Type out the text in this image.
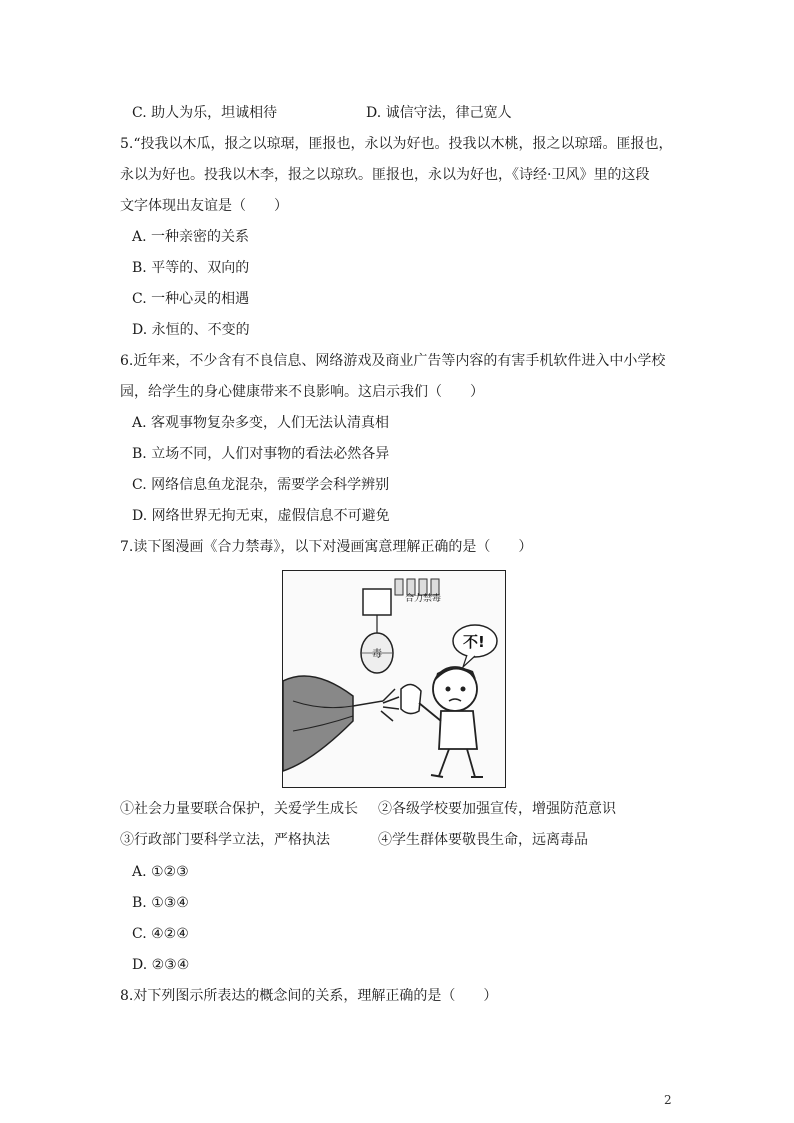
C. 助人为乐，坦诚相待	D. 诚信守法，律己宽人
5.“投我以木瓜，报之以琼琚，匪报也，永以为好也。投我以木桃，报之以琼瑶。匪报也，
永以为好也。投我以木李，报之以琼玖。匪报也，永以为好也，《诗经·卫风》里的这段
文字体现出友谊是（　　）
A. 一种亲密的关系
B. 平等的、双向的
C. 一种心灵的相遇
D. 永恒的、不变的
6.近年来，不少含有不良信息、网络游戏及商业广告等内容的有害手机软件进入中小学校
园，给学生的身心健康带来不良影响。这启示我们（　　）
A. 客观事物复杂多变，人们无法认清真相
B. 立场不同，人们对事物的看法必然各异
C. 网络信息鱼龙混杂，需要学会科学辨别
D. 网络世界无拘无束，虚假信息不可避免
7.读下图漫画《合力禁毒》，以下对漫画寓意理解正确的是（　　）
合力禁毒
毒
不!
①社会力量要联合保护，关爱学生成长 ②各级学校要加强宣传，增强防范意识
③行政部门要科学立法，严格执法	④学生群体要敬畏生命，远离毒品
A. ①②③
B. ①③④
C. ④②④
D. ②③④
8.对下列图示所表达的概念间的关系，理解正确的是（　　）
2
